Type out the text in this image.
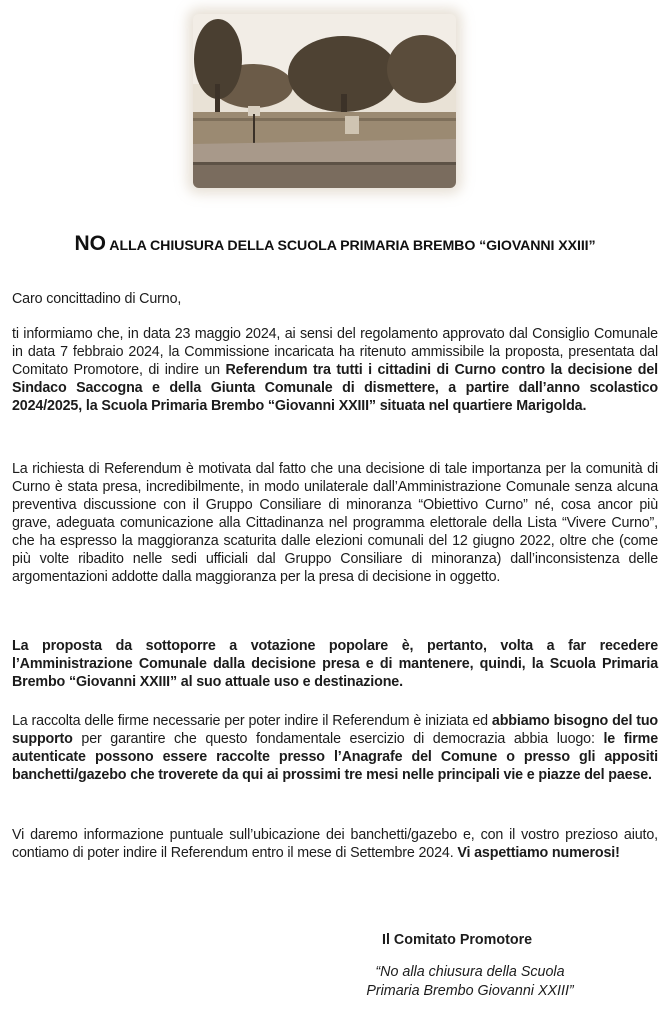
NO ALLA CHIUSURA DELLA SCUOLA PRIMARIA BREMBO “GIOVANNI XXIII”

Caro concittadino di Curno,

ti informiamo che, in data 23 maggio 2024, ai sensi del regolamento approvato dal Consiglio Comunale in data 7 febbraio 2024, la Commissione incaricata ha ritenuto ammissibile la proposta, presentata dal Comitato Promotore, di indire un Referendum tra tutti i cittadini di Curno contro la decisione del Sindaco Saccogna e della Giunta Comunale di dismettere, a partire dall’anno scolastico 2024/2025, la Scuola Primaria Brembo “Giovanni XXIII” situata nel quartiere Marigolda.

La richiesta di Referendum è motivata dal fatto che una decisione di tale importanza per la comunità di Curno è stata presa, incredibilmente, in modo unilaterale dall’Amministrazione Comunale senza alcuna preventiva discussione con il Gruppo Consiliare di minoranza “Obiettivo Curno” né, cosa ancor più grave, adeguata comunicazione alla Cittadinanza nel programma elettorale della Lista “Vivere Curno”, che ha espresso la maggioranza scaturita dalle elezioni comunali del 12 giugno 2022, oltre che (come più volte ribadito nelle sedi ufficiali dal Gruppo Consiliare di minoranza) dall’inconsistenza delle argomentazioni addotte dalla maggioranza per la presa di decisione in oggetto.

La proposta da sottoporre a votazione popolare è, pertanto, volta a far recedere l’Amministrazione Comunale dalla decisione presa e di mantenere, quindi, la Scuola Primaria Brembo “Giovanni XXIII” al suo attuale uso e destinazione.

La raccolta delle firme necessarie per poter indire il Referendum è iniziata ed abbiamo bisogno del tuo supporto per garantire che questo fondamentale esercizio di democrazia abbia luogo: le firme autenticate possono essere raccolte presso l’Anagrafe del Comune o presso gli appositi banchetti/gazebo che troverete da qui ai prossimi tre mesi nelle principali vie e piazze del paese.

Vi daremo informazione puntuale sull’ubicazione dei banchetti/gazebo e, con il vostro prezioso aiuto, contiamo di poter indire il Referendum entro il mese di Settembre 2024. Vi aspettiamo numerosi!

Il Comitato Promotore
“No alla chiusura della Scuola
Primaria Brembo Giovanni XXIII”
